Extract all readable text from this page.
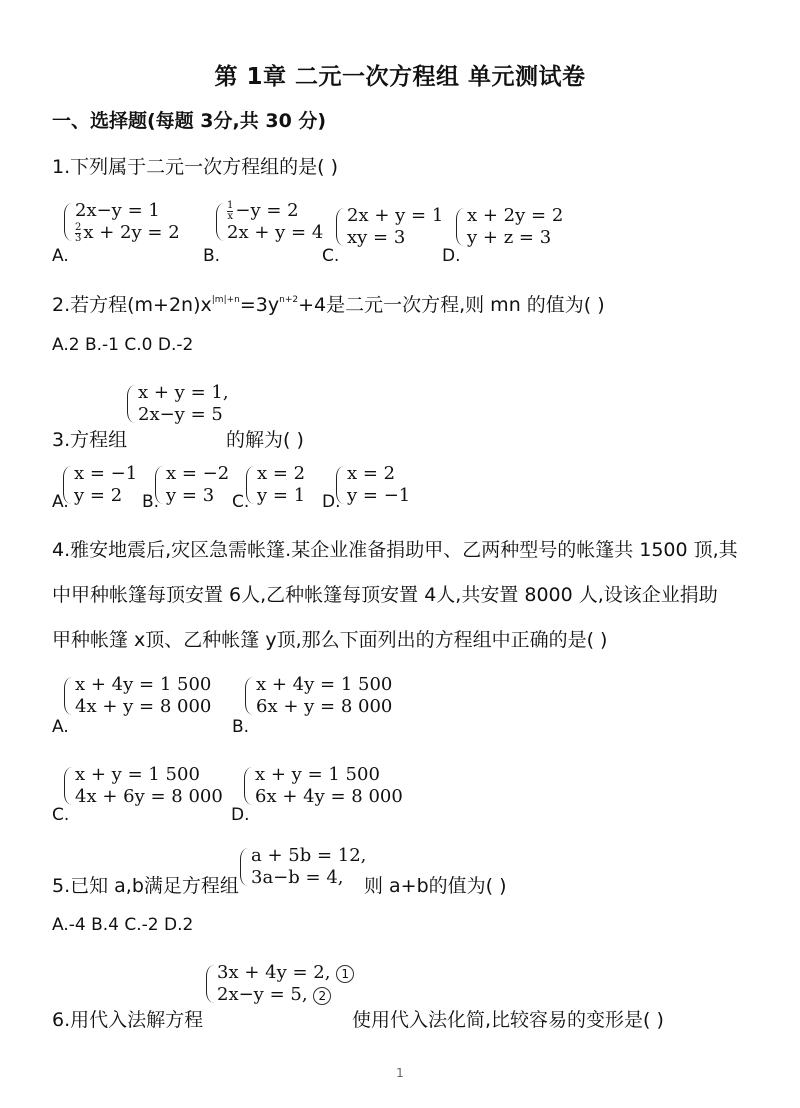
第 1章 二元一次方程组 单元测试卷
一、选择题(每题 3分,共 30 分)
1.下列属于二元一次方程组的是( )
A.
2x−y = 1
$\frac{2}{3}$ x + 2y = 2
B.
$\frac{1}{x} -y = 2$
2x + y = 4
C.
2x + y = 1
xy = 3
D.
x + 2y = 2
y + z = 3
2.若方程$(m+2n)x^{|m|+n}=3y^{n+2}+4$是二元一次方程,则 mn 的值为( )
A.2 B.-1 C.0 D.-2
3.方程组
x + y = 1,
2x−y = 5
的解为( )
A.
x = −1
y = 2	B.
x = −2
y = 3	C.
x = 2
y = 1 D.
x = 2
y = −1
4.雅安地震后,灾区急需帐篷.某企业准备捐助甲、乙两种型号的帐篷共 1500 顶,其
中甲种帐篷每顶安置 6人,乙种帐篷每顶安置 4人,共安置 8000 人,设该企业捐助
甲种帐篷 x顶、乙种帐篷 y顶,那么下面列出的方程组中正确的是( )
A.
x + 4y = 1 500
4x + y = 8 000
B.
x + 4y = 1 500
6x + y = 8 000
C.
x + y = 1 500
4x + 6y = 8 000
D.
x + y = 1 500
6x + 4y = 8 000
5.已知 a,b满足方程组
a + 5b = 12,
3a−b = 4,	则 a+b的值为( )
A.-4 B.4 C.-2 D.2
6.用代入法解方程
3x + 4y = 2, 1
2x−y = 5, 2
使用代入法化简,比较容易的变形是( )
1
